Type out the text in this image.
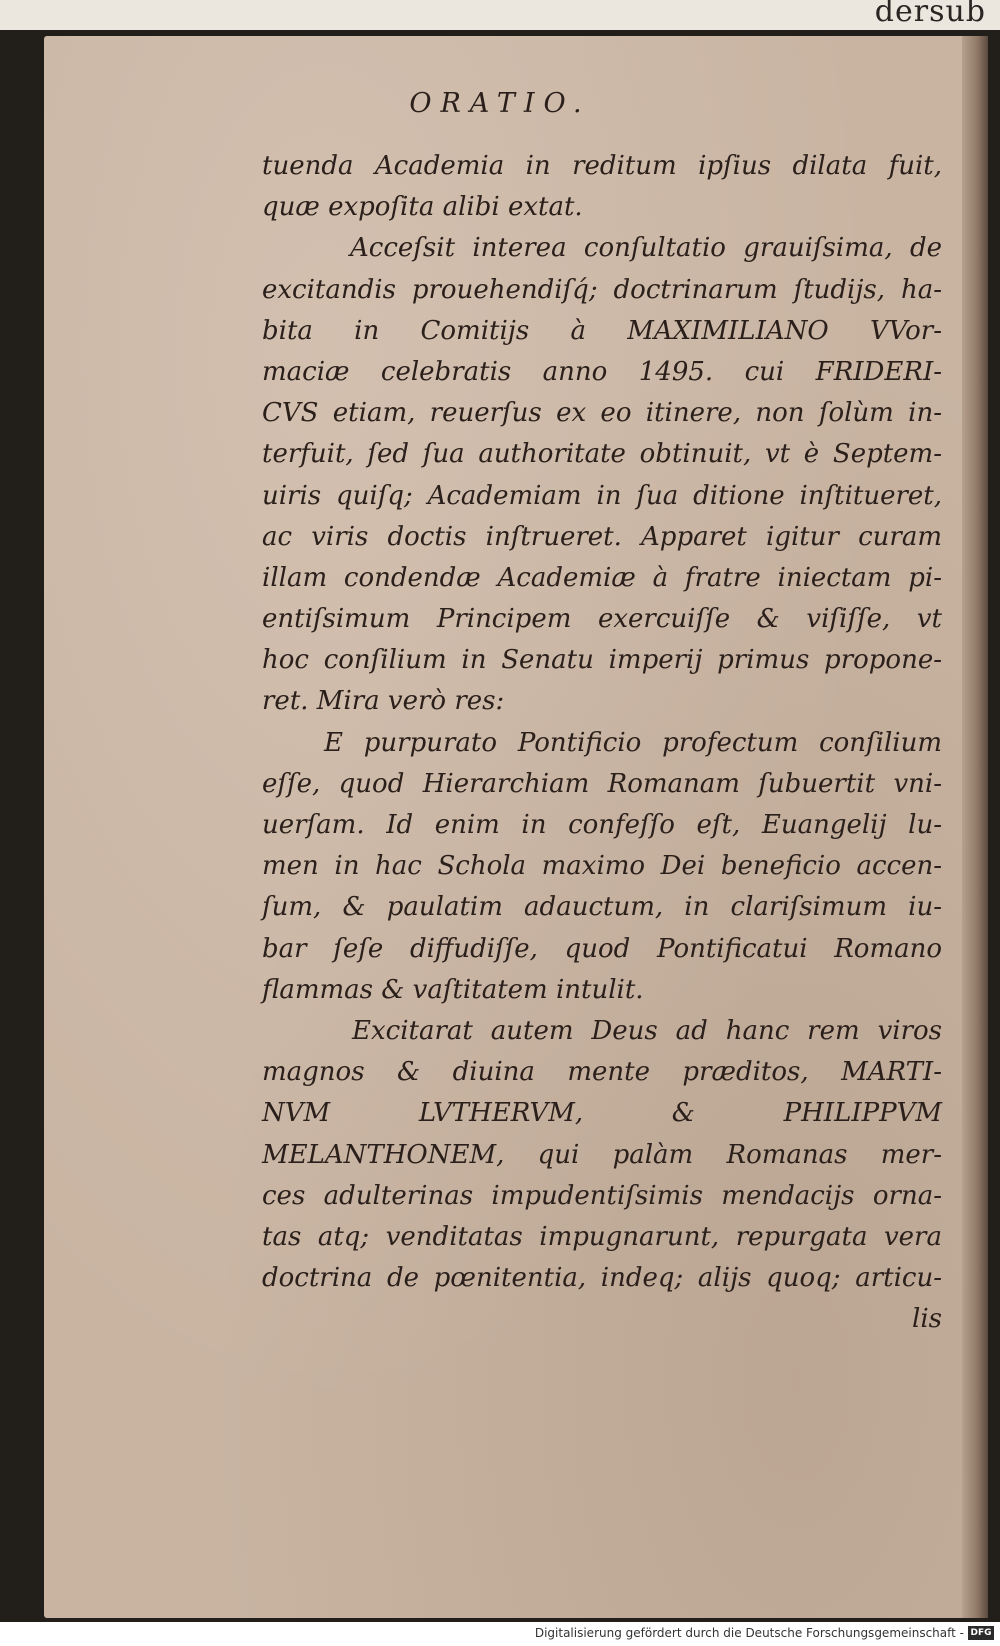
dersub
ORATIO.
tuenda Academia in reditum ipſius dilata fuit,
quæ expoſita alibi extat.
Acceſsit interea conſultatio grauiſsima, de
excitandis prouehendiſq́; doctrinarum ſtudijs, ha-
bita in Comitijs à MAXIMILIANO VVor-
maciæ celebratis anno 1495. cui FRIDERI-
CVS etiam, reuerſus ex eo itinere, non ſolùm in-
terfuit, ſed ſua authoritate obtinuit, vt è Septem-
uiris quiſq; Academiam in ſua ditione inſtitueret,
ac viris doctis inſtrueret. Apparet igitur curam
illam condendæ Academiæ à fratre iniectam pi-
entiſsimum Principem exercuiſſe & viſiſſe, vt
hoc conſilium in Senatu imperij primus propone-
ret. Mira verò res:
E purpurato Pontificio profectum conſilium
eſſe, quod Hierarchiam Romanam ſubuertit vni-
uerſam. Id enim in confeſſo eſt, Euangelij lu-
men in hac Schola maximo Dei beneficio accen-
ſum, & paulatim adauctum, in clariſsimum iu-
bar ſeſe diffudiſſe, quod Pontificatui Romano
flammas & vaſtitatem intulit.
Excitarat autem Deus ad hanc rem viros
magnos & diuina mente præditos, MARTI-
NVM LVTHERVM, & PHILIPPVM
MELANTHONEM, qui palàm Romanas mer-
ces adulterinas impudentiſsimis mendacijs orna-
tas atq; venditatas impugnarunt, repurgata vera
doctrina de pœnitentia, indeq; alijs quoq; articu-
lis
Digitalisierung gefördert durch die Deutsche Forschungsgemeinschaft - DFG
